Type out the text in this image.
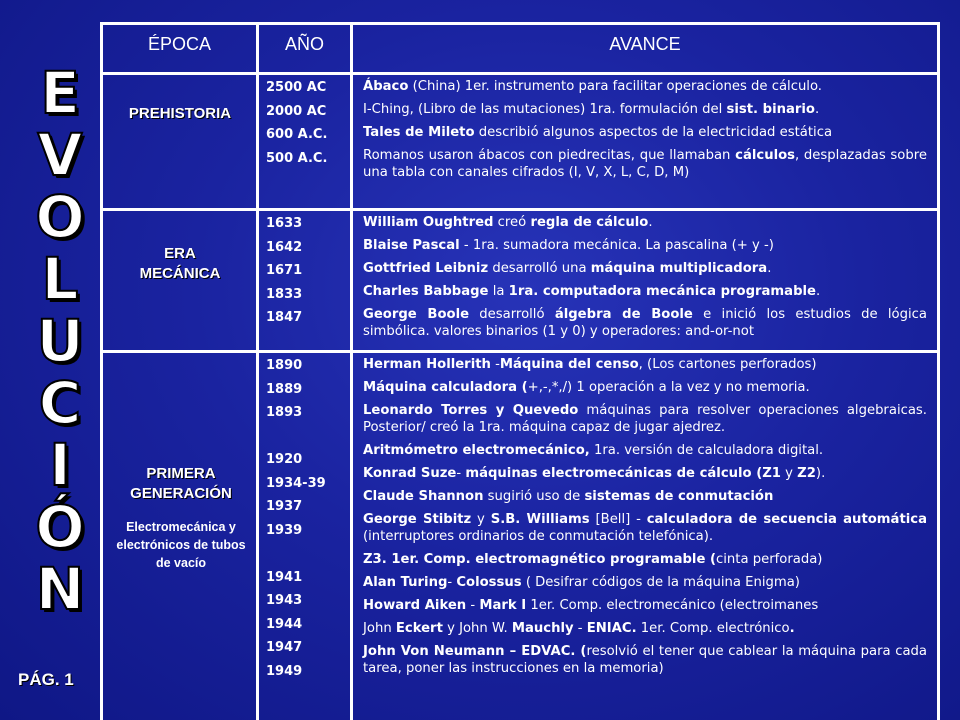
E
V
O
L
U
C
I
Ó
N
PÁG. 1
ÉPOCA	AÑO	AVANCE
PREHISTORIA
2500 AC
2000 AC
600 A.C.
500 A.C.
Ábaco (China) 1er. instrumento para facilitar operaciones de cálculo.
I-Ching, (Libro de las mutaciones) 1ra. formulación del sist. binario.
Tales de Mileto describió algunos aspectos de la electricidad estática
Romanos usaron ábacos con piedrecitas, que llamaban cálculos, desplazadas sobre una tabla con canales cifrados (I, V, X, L, C, D, M)
ERA
MECÁNICA
1633
1642
1671
1833
1847
William Oughtred creó regla de cálculo.
Blaise Pascal - 1ra. sumadora mecánica. La pascalina (+ y -)
Gottfried Leibniz desarrolló una máquina multiplicadora.
Charles Babbage la 1ra. computadora mecánica programable.
George Boole desarrolló álgebra de Boole e inició los estudios de lógica simbólica. valores binarios (1 y 0) y operadores: and-or-not
PRIMERA
GENERACIÓN
Electromecánica y electrónicos de tubos de vacío
1890
1889
1893
1920
1934-39
1937
1939
1941
1943
1944
1947
1949
Herman Hollerith -Máquina del censo, (Los cartones perforados)
Máquina calculadora (+,-,*,/) 1 operación a la vez y no memoria.
Leonardo Torres y Quevedo máquinas para resolver operaciones algebraicas. Posterior/ creó la 1ra. máquina capaz de jugar ajedrez.
Aritmómetro electromecánico, 1ra. versión de calculadora digital.
Konrad Suze- máquinas electromecánicas de cálculo (Z1 y Z2).
Claude Shannon sugirió uso de sistemas de conmutación
George Stibitz y S.B. Williams [Bell] - calculadora de secuencia automática (interruptores ordinarios de conmutación telefónica).
Z3. 1er. Comp. electromagnético programable (cinta perforada)
Alan Turing- Colossus ( Desifrar códigos de la máquina Enigma)
Howard Aiken - Mark I 1er. Comp. electromecánico (electroimanes
John Eckert y John W. Mauchly - ENIAC. 1er. Comp. electrónico.
John Von Neumann – EDVAC. (resolvió el tener que cablear la máquina para cada tarea, poner las instrucciones en la memoria)
